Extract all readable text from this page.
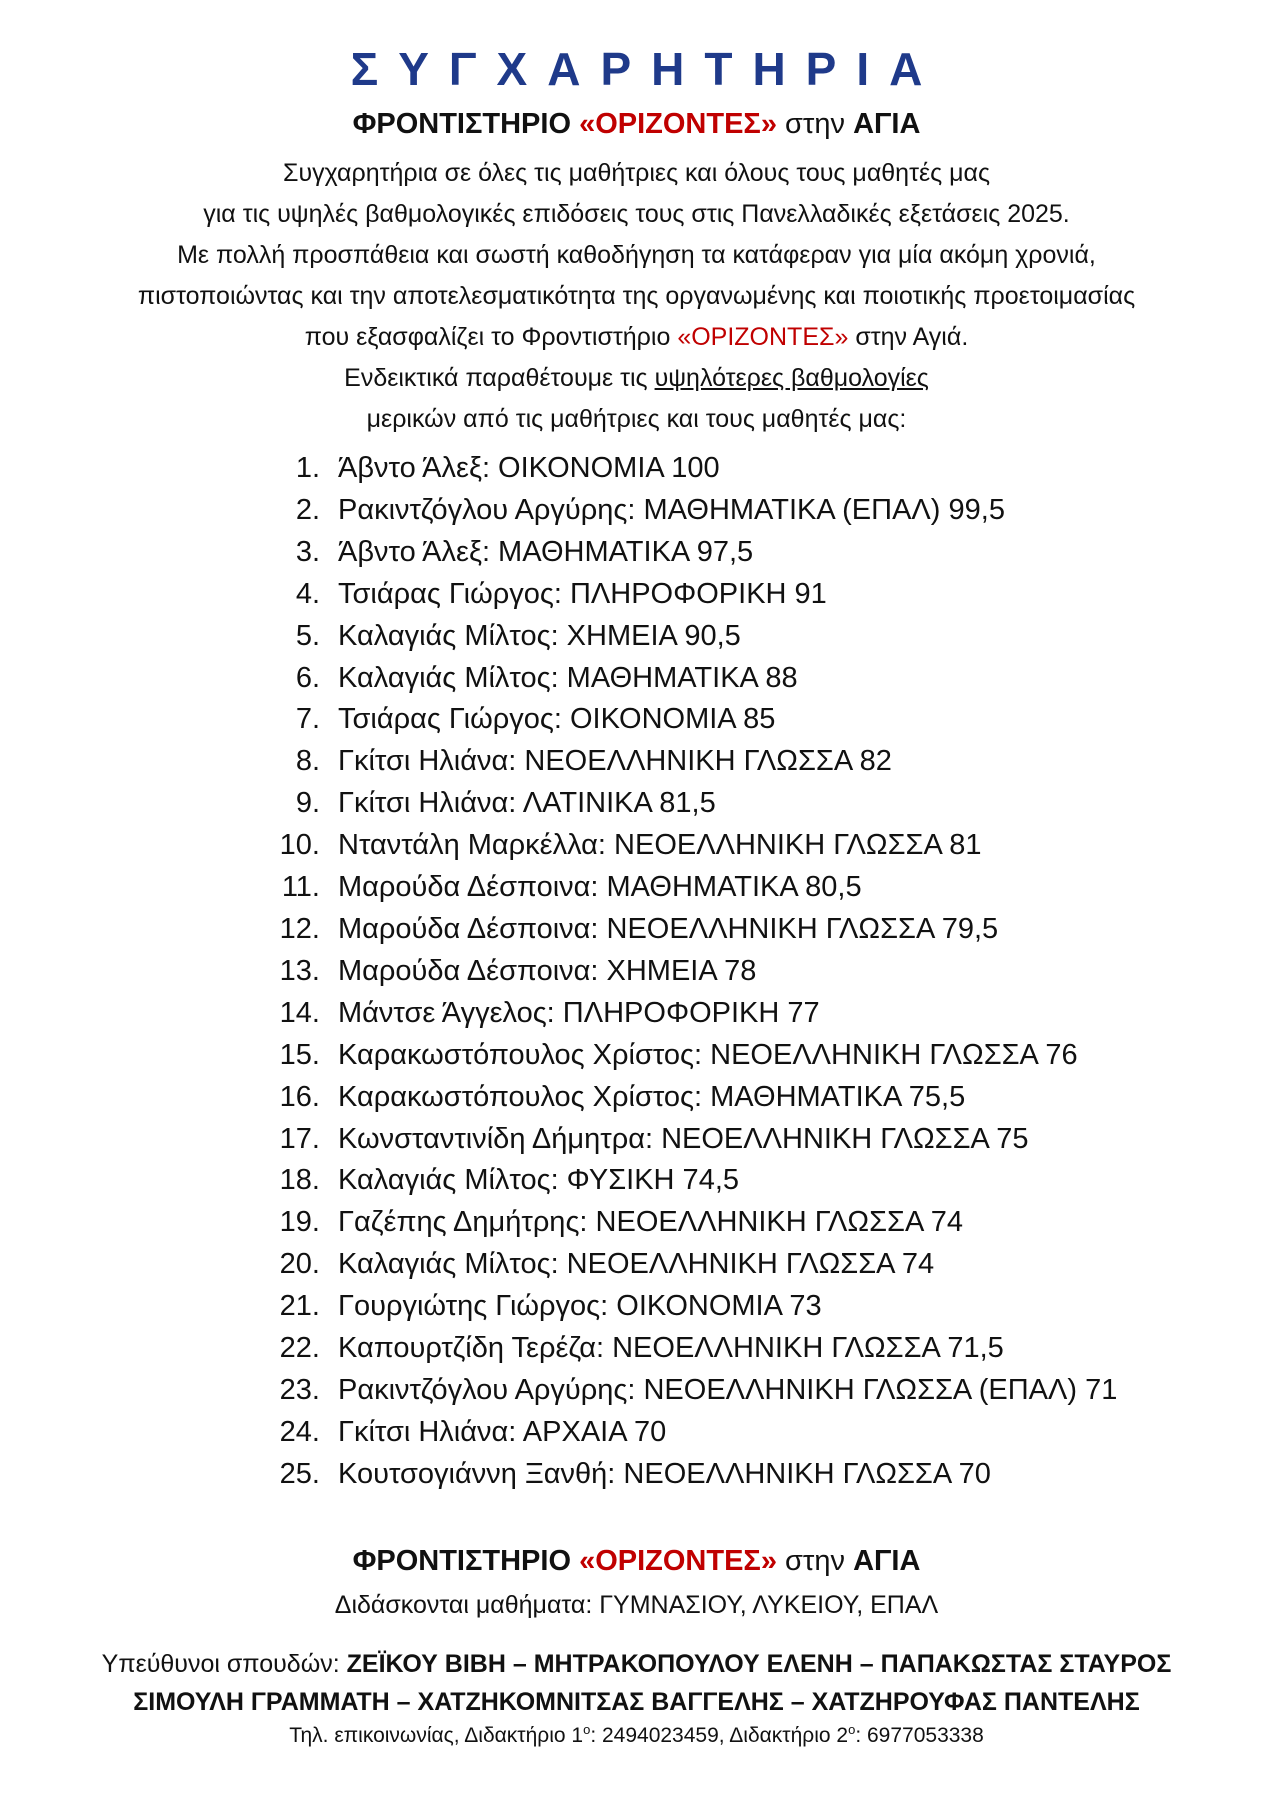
ΣΥΓΧΑΡΗΤΗΡΙΑ
ΦΡΟΝΤΙΣΤΗΡΙΟ «ΟΡΙΖΟΝΤΕΣ» στην ΑΓΙΑ
Συγχαρητήρια σε όλες τις μαθήτριες και όλους τους μαθητές μας
για τις υψηλές βαθμολογικές επιδόσεις τους στις Πανελλαδικές εξετάσεις 2025.
Με πολλή προσπάθεια και σωστή καθοδήγηση τα κατάφεραν για μία ακόμη χρονιά,
πιστοποιώντας και την αποτελεσματικότητα της οργανωμένης και ποιοτικής προετοιμασίας
που εξασφαλίζει το Φροντιστήριο «ΟΡΙΖΟΝΤΕΣ» στην Αγιά.
Ενδεικτικά παραθέτουμε τις υψηλότερες βαθμολογίες
μερικών από τις μαθήτριες και τους μαθητές μας:
1. Άβντο Άλεξ: ΟΙΚΟΝΟΜΙΑ 100
2. Ρακιντζόγλου Αργύρης: ΜΑΘΗΜΑΤΙΚΑ (ΕΠΑΛ) 99,5
3. Άβντο Άλεξ: ΜΑΘΗΜΑΤΙΚΑ 97,5
4. Τσιάρας Γιώργος: ΠΛΗΡΟΦΟΡΙΚΗ 91
5. Καλαγιάς Μίλτος: ΧΗΜΕΙΑ 90,5
6. Καλαγιάς Μίλτος: ΜΑΘΗΜΑΤΙΚΑ 88
7. Τσιάρας Γιώργος: ΟΙΚΟΝΟΜΙΑ 85
8. Γκίτσι Ηλιάνα: ΝΕΟΕΛΛΗΝΙΚΗ ΓΛΩΣΣΑ 82
9. Γκίτσι Ηλιάνα: ΛΑΤΙΝΙΚΑ 81,5
10. Νταντάλη Μαρκέλλα: ΝΕΟΕΛΛΗΝΙΚΗ ΓΛΩΣΣΑ 81
11. Μαρούδα Δέσποινα: ΜΑΘΗΜΑΤΙΚΑ 80,5
12. Μαρούδα Δέσποινα: ΝΕΟΕΛΛΗΝΙΚΗ ΓΛΩΣΣΑ 79,5
13. Μαρούδα Δέσποινα: ΧΗΜΕΙΑ 78
14. Μάντσε Άγγελος: ΠΛΗΡΟΦΟΡΙΚΗ 77
15. Καρακωστόπουλος Χρίστος: ΝΕΟΕΛΛΗΝΙΚΗ ΓΛΩΣΣΑ 76
16. Καρακωστόπουλος Χρίστος: ΜΑΘΗΜΑΤΙΚΑ 75,5
17. Κωνσταντινίδη Δήμητρα: ΝΕΟΕΛΛΗΝΙΚΗ ΓΛΩΣΣΑ 75
18. Καλαγιάς Μίλτος: ΦΥΣΙΚΗ 74,5
19. Γαζέπης Δημήτρης: ΝΕΟΕΛΛΗΝΙΚΗ ΓΛΩΣΣΑ 74
20. Καλαγιάς Μίλτος: ΝΕΟΕΛΛΗΝΙΚΗ ΓΛΩΣΣΑ 74
21. Γουργιώτης Γιώργος: ΟΙΚΟΝΟΜΙΑ 73
22. Καπουρτζίδη Τερέζα: ΝΕΟΕΛΛΗΝΙΚΗ ΓΛΩΣΣΑ 71,5
23. Ρακιντζόγλου Αργύρης: ΝΕΟΕΛΛΗΝΙΚΗ ΓΛΩΣΣΑ (ΕΠΑΛ) 71
24. Γκίτσι Ηλιάνα: ΑΡΧΑΙΑ 70
25. Κουτσογιάννη Ξανθή: ΝΕΟΕΛΛΗΝΙΚΗ ΓΛΩΣΣΑ 70
ΦΡΟΝΤΙΣΤΗΡΙΟ «ΟΡΙΖΟΝΤΕΣ» στην ΑΓΙΑ
Διδάσκονται μαθήματα: ΓΥΜΝΑΣΙΟΥ, ΛΥΚΕΙΟΥ, ΕΠΑΛ
Υπεύθυνοι σπουδών: ΖΕΪΚΟΥ ΒΙΒΗ – ΜΗΤΡΑΚΟΠΟΥΛΟΥ ΕΛΕΝΗ – ΠΑΠΑΚΩΣΤΑΣ ΣΤΑΥΡΟΣ
ΣΙΜΟΥΛΗ ΓΡΑΜΜΑΤΗ – ΧΑΤΖΗΚΟΜΝΙΤΣΑΣ ΒΑΓΓΕΛΗΣ – ΧΑΤΖΗΡΟΥΦΑΣ ΠΑΝΤΕΛΗΣ
Τηλ. επικοινωνίας, Διδακτήριο $1^o$: 2494023459, Διδακτήριο $2^o$: 6977053338
